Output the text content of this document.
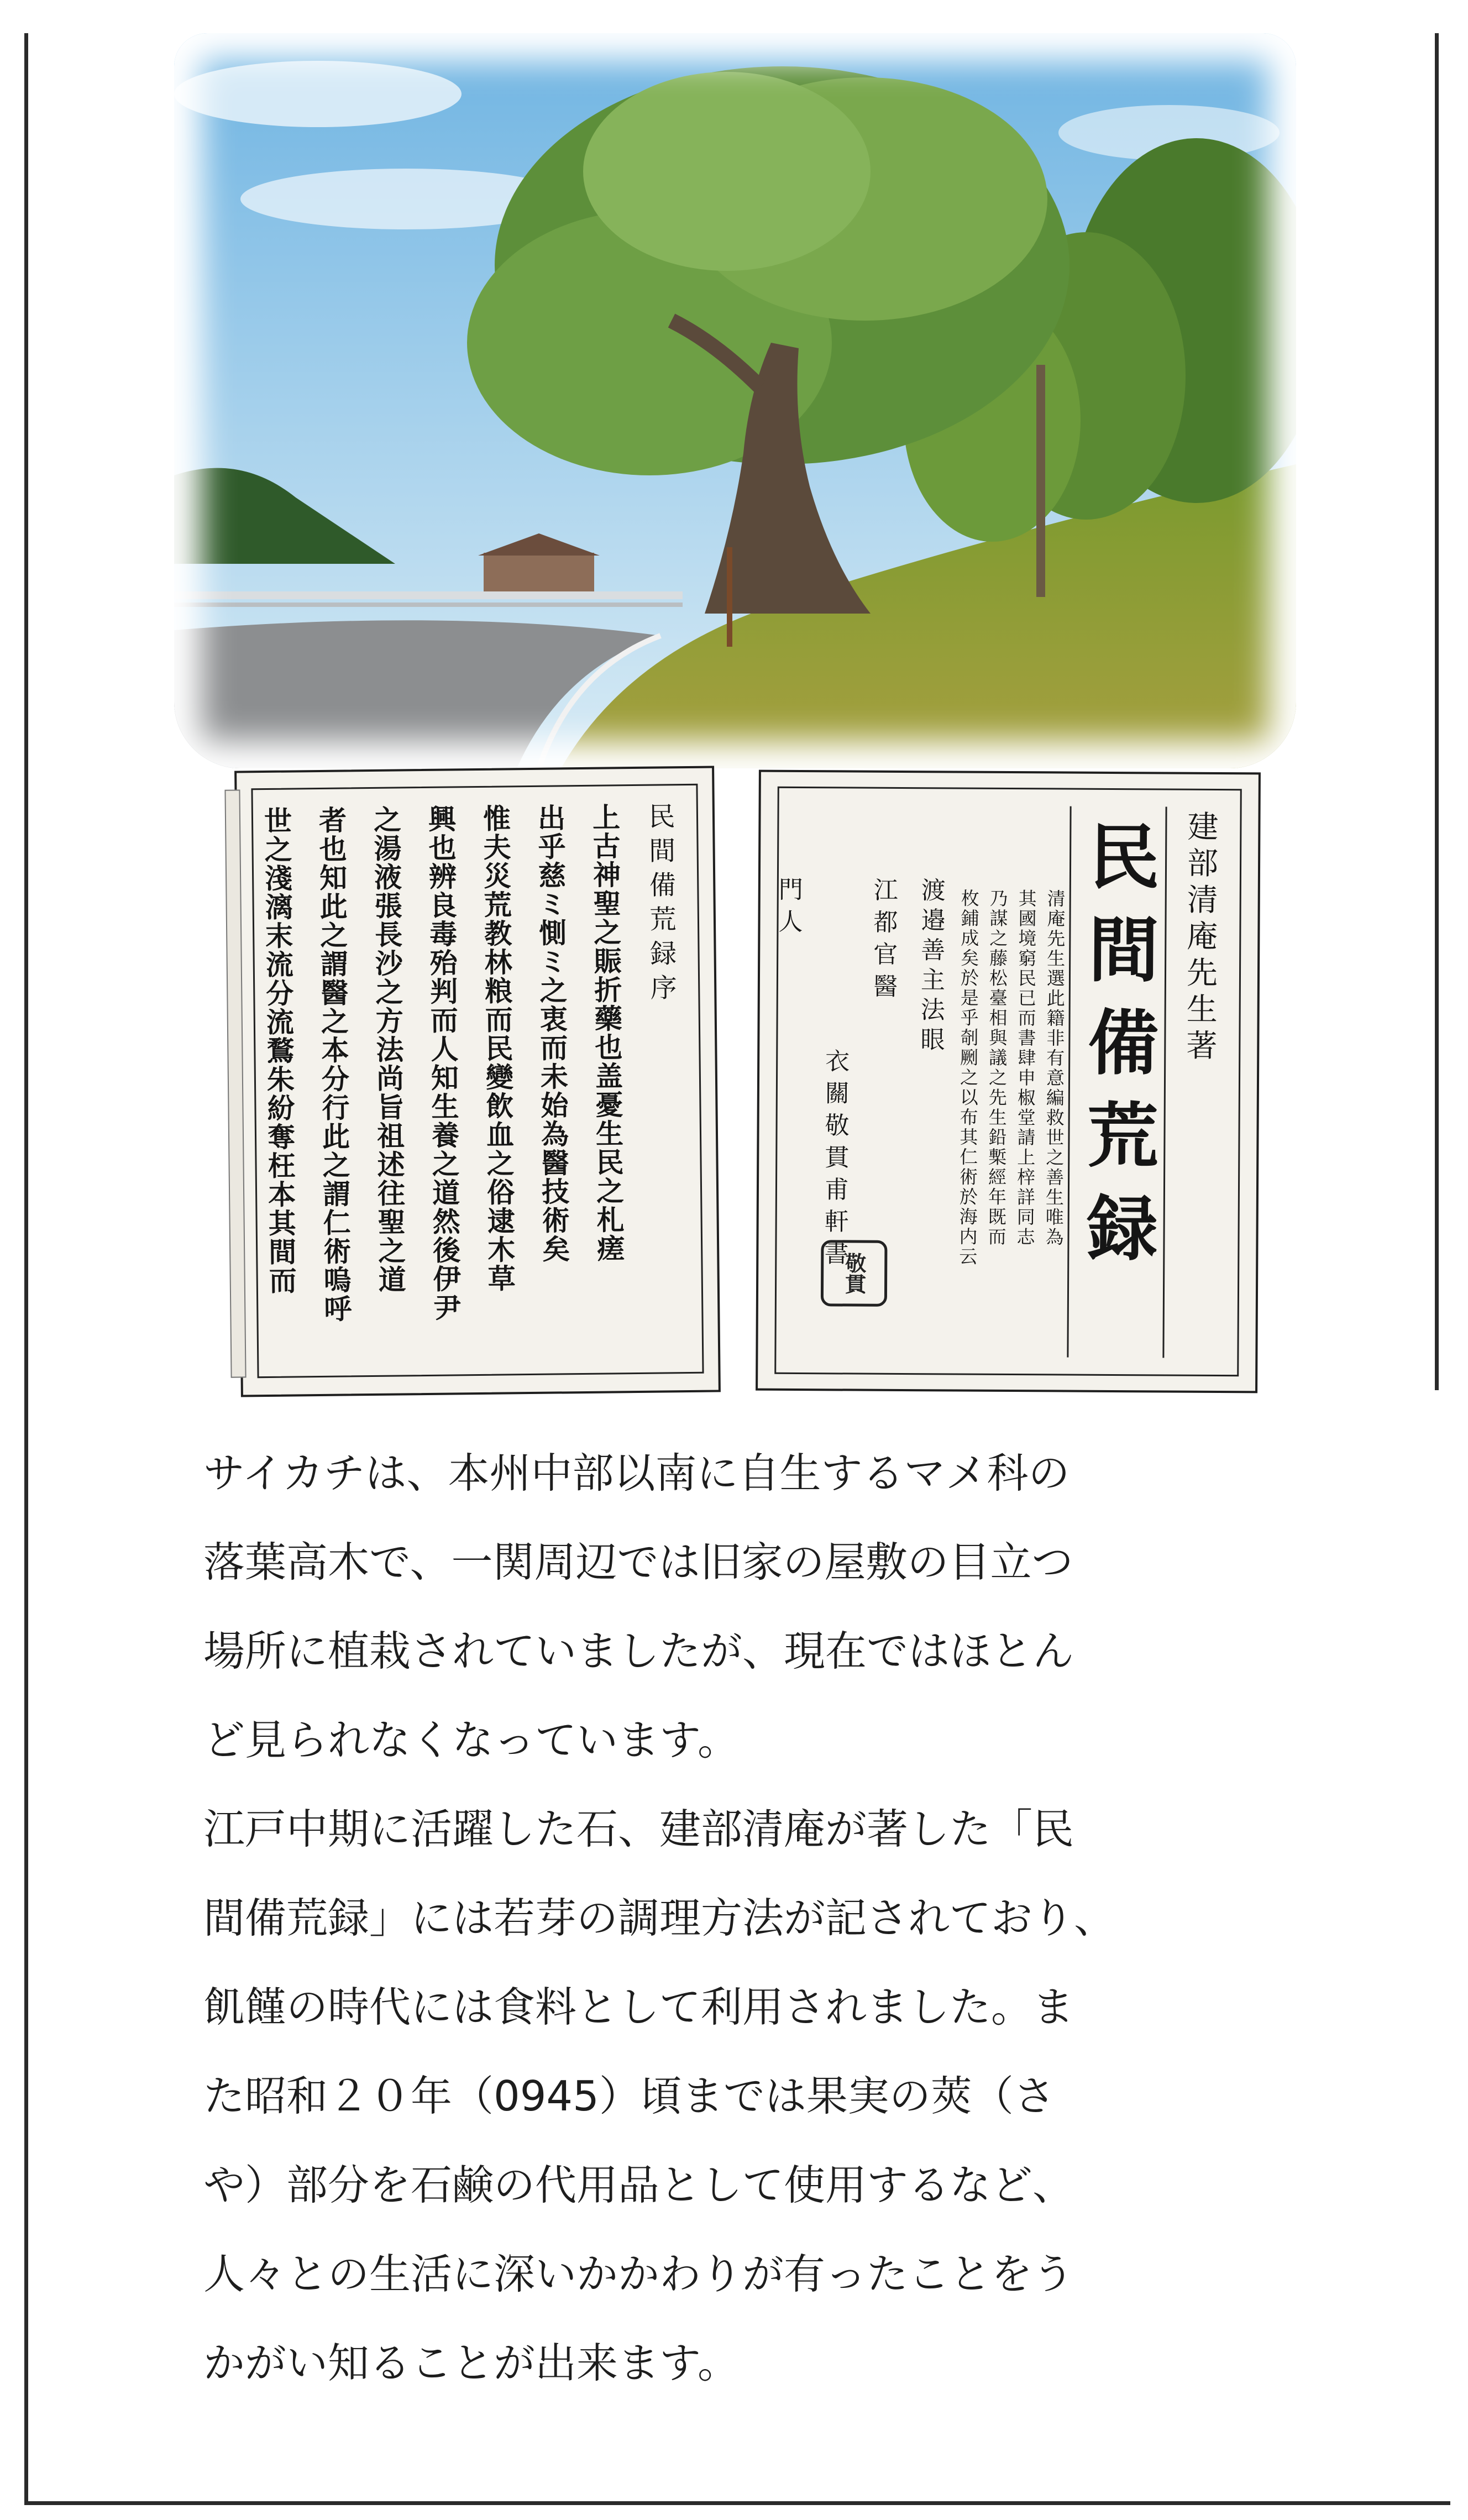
民間備荒録序
上古神聖之賑折藥也盖憂生民之札瘥
出乎慈ミ惻ミ之衷而未始為醫技術矣
惟夫災荒教林粮而民變飲血之俗逮木草
興也辨良毒殆判而人知生養之道然後伊尹
之湯液張長沙之方法尚旨祖述往聖之道
者也知此之謂醫之本分行此之謂仁術嗚呼
世之淺漓末流分流鶩朱紛奪枉本其間而	建部清庵先生著
民間備荒録
清庵先生選此籍非有意編救世之善生唯為
其國境窮民已而書肆申椒堂請上梓詳同志
乃謀之藤松臺相與議之先生鉛槧經年既而
枚鋪成矣於是乎剞劂之以布其仁術於海内云
渡邉善主法眼
江都官醫
衣關敬貫甫軒書
門人
敬貫

サイカチは、本州中部以南に自生するマメ科の
落葉高木で、一関周辺では旧家の屋敷の目立つ
場所に植栽されていましたが、現在ではほとん
ど見られなくなっています。

江戸中期に活躍した石、建部清庵が著した「民
間備荒録」には若芽の調理方法が記されており、
飢饉の時代には食料として利用されました。ま
た昭和２０年（0945）頃までは果実の莢（さ
や）部分を石鹸の代用品として使用するなど、
人々との生活に深いかかわりが有ったことをう
かがい知ることが出来ます。
